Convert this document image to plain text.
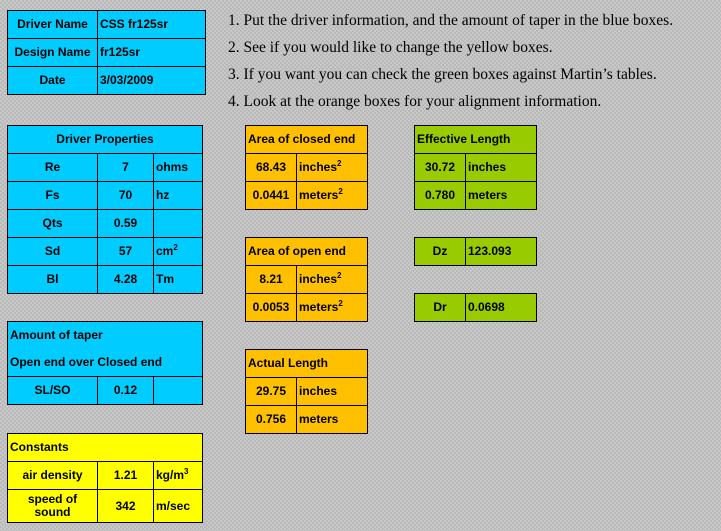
Driver Name	CSS fr125sr
Design Name	fr125sr
Date	3/03/2009
1. Put the driver information, and the amount of taper in the blue boxes.
2. See if you would like to change the yellow boxes.
3. If you want you can check the green boxes against Martin’s tables.
4. Look at the orange boxes for your alignment information.
Driver Properties		
Re	7	ohms
Fs	70	hz
Qts	0.59	
Sd	57	$cm^2$
Bl	4.28	Tm
Amount of taper
Open end over Closed end
SL/SO	0.12	
Constants		
air density	1.21	$kg/m^3$
speed of
sound	342	m/sec
Area of closed end	
68.43	inches$^2$
0.0441	meters$^2$
Area of open end	
8.21	inches$^2$
0.0053	meters$^2$
Actual Length	
29.75	inches
0.756	meters
Effective Length	
30.72	inches
0.780	meters
Dz	123.093
Dr	0.0698
